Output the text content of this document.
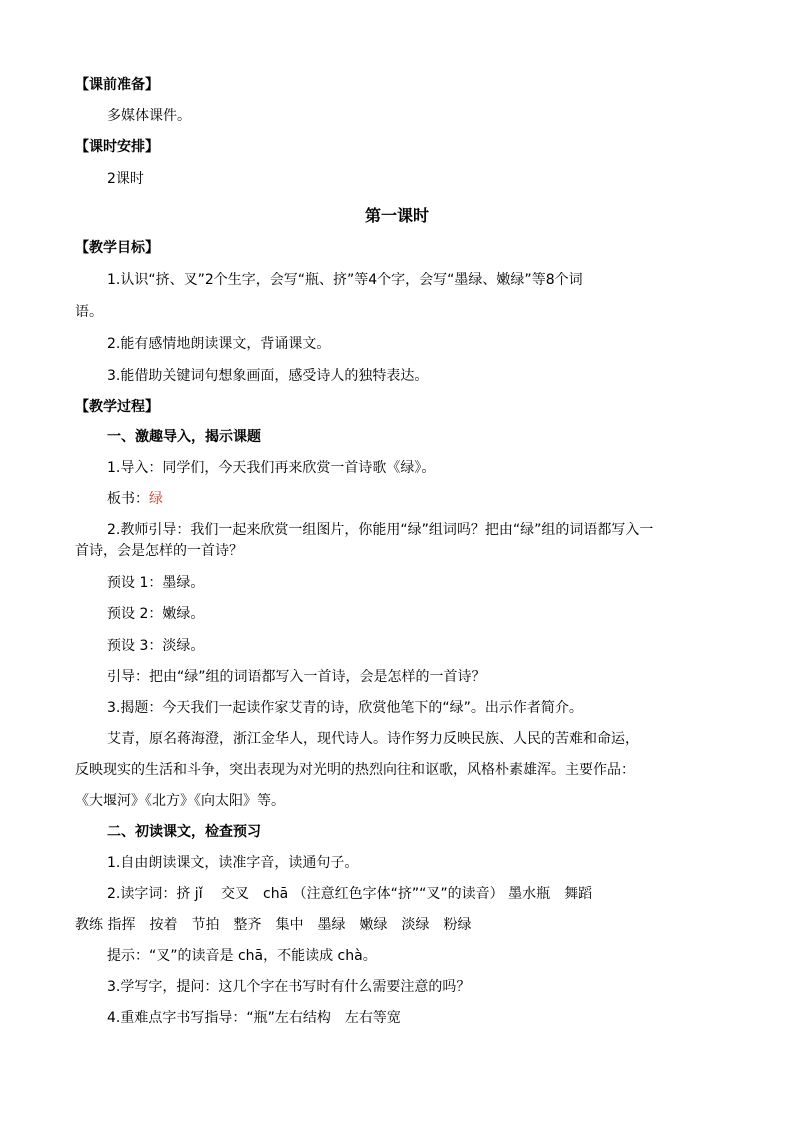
【课前准备】
多媒体课件。
【课时安排】
2课时
第一课时
【教学目标】
1.认识“挤、叉”2个生字，会写“瓶、挤”等4个字，会写“墨绿、嫩绿”等8个词
语。
2.能有感情地朗读课文，背诵课文。
3.能借助关键词句想象画面，感受诗人的独特表达。
【教学过程】
一、激趣导入，揭示课题
1.导入：同学们，今天我们再来欣赏一首诗歌《绿》。
板书：绿
2.教师引导：我们一起来欣赏一组图片，你能用“绿”组词吗？把由“绿”组的词语都写入一
首诗，会是怎样的一首诗？
预设 1：墨绿。
预设 2：嫩绿。
预设 3：淡绿。
引导：把由“绿”组的词语都写入一首诗，会是怎样的一首诗？
3.揭题：今天我们一起读作家艾青的诗，欣赏他笔下的“绿”。出示作者简介。
艾青，原名蒋海澄，浙江金华人，现代诗人。诗作努力反映民族、人民的苦难和命运，
反映现实的生活和斗争，突出表现为对光明的热烈向往和讴歌，风格朴素雄浑。主要作品：
《大堰河》《北方》《向太阳》等。
二、初读课文，检查预习
1.自由朗读课文，读准字音，读通句子。
2.读字词：挤 jǐ　 交叉　chā （注意红色字体“挤”“叉”的读音） 墨水瓶　舞蹈
教练 指挥　按着　节拍　整齐　集中　墨绿　嫩绿　淡绿　粉绿
提示：“叉”的读音是 chā，不能读成 chà。
3.学写字，提问：这几个字在书写时有什么需要注意的吗？
4.重难点字书写指导：“瓶”左右结构　左右等宽
